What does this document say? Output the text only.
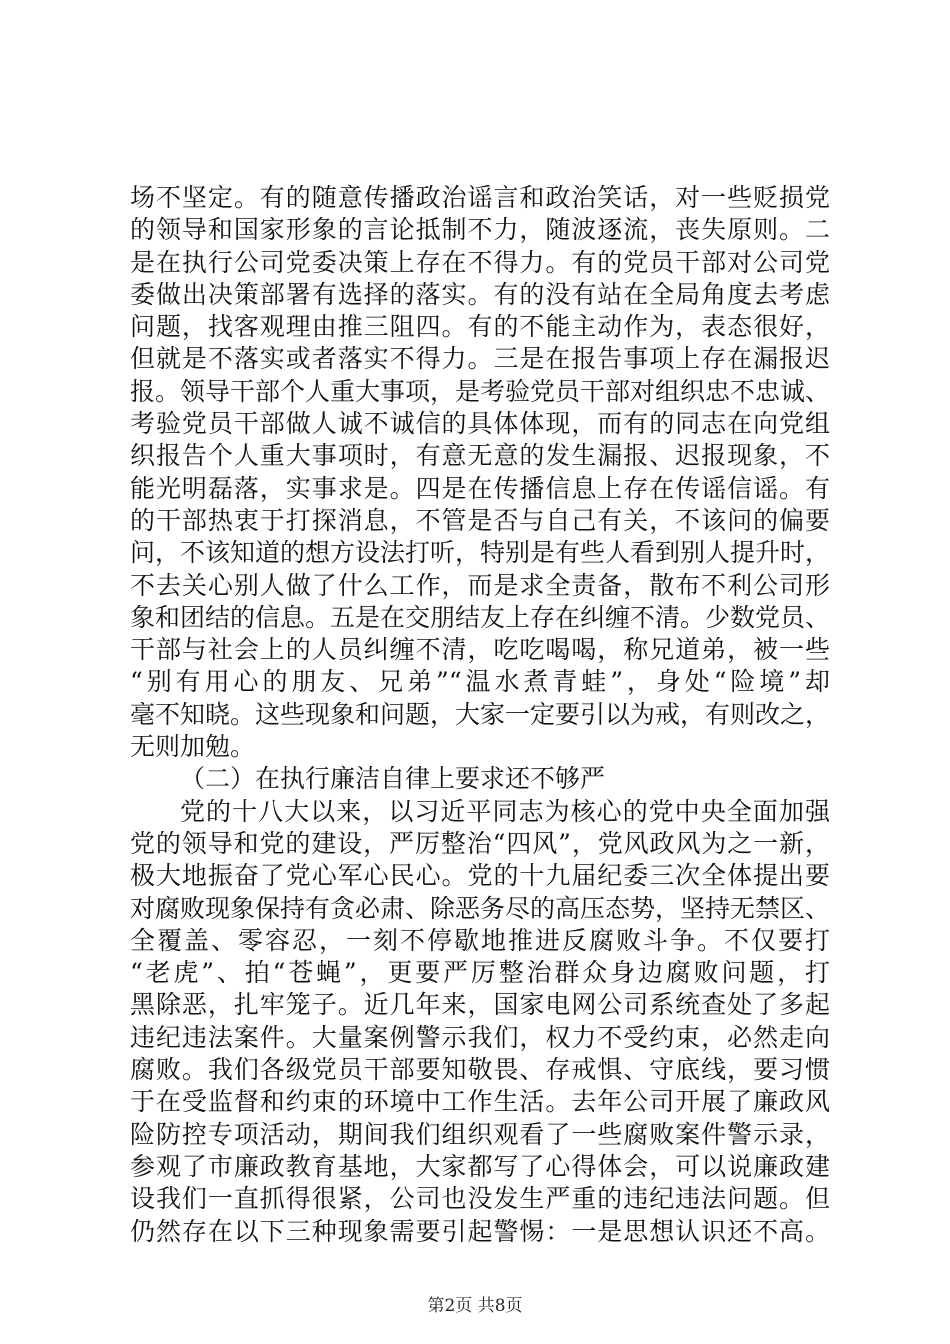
场不坚定。有的随意传播政治谣言和政治笑话，对一些贬损党
的领导和国家形象的言论抵制不力，随波逐流，丧失原则。二
是在执行公司党委决策上存在不得力。有的党员干部对公司党
委做出决策部署有选择的落实。有的没有站在全局角度去考虑
问题，找客观理由推三阻四。有的不能主动作为，表态很好，
但就是不落实或者落实不得力。三是在报告事项上存在漏报迟
报。领导干部个人重大事项，是考验党员干部对组织忠不忠诚、
考验党员干部做人诚不诚信的具体体现，而有的同志在向党组
织报告个人重大事项时，有意无意的发生漏报、迟报现象，不
能光明磊落，实事求是。四是在传播信息上存在传谣信谣。有
的干部热衷于打探消息，不管是否与自己有关，不该问的偏要
问，不该知道的想方设法打听，特别是有些人看到别人提升时，
不去关心别人做了什么工作，而是求全责备，散布不利公司形
象和团结的信息。五是在交朋结友上存在纠缠不清。少数党员、
干部与社会上的人员纠缠不清，吃吃喝喝，称兄道弟，被一些
“别有用心的朋友、兄弟”“温水煮青蛙”，身处“险境”却
毫不知晓。这些现象和问题，大家一定要引以为戒，有则改之，
无则加勉。
（二）在执行廉洁自律上要求还不够严
党的十八大以来，以习近平同志为核心的党中央全面加强
党的领导和党的建设，严厉整治“四风”，党风政风为之一新，
极大地振奋了党心军心民心。党的十九届纪委三次全体提出要
对腐败现象保持有贪必肃、除恶务尽的高压态势，坚持无禁区、
全覆盖、零容忍，一刻不停歇地推进反腐败斗争。不仅要打
“老虎”、拍“苍蝇”，更要严厉整治群众身边腐败问题，打
黑除恶，扎牢笼子。近几年来，国家电网公司系统查处了多起
违纪违法案件。大量案例警示我们，权力不受约束，必然走向
腐败。我们各级党员干部要知敬畏、存戒惧、守底线，要习惯
于在受监督和约束的环境中工作生活。去年公司开展了廉政风
险防控专项活动，期间我们组织观看了一些腐败案件警示录，
参观了市廉政教育基地，大家都写了心得体会，可以说廉政建
设我们一直抓得很紧，公司也没发生严重的违纪违法问题。但
仍然存在以下三种现象需要引起警惕：一是思想认识还不高。
第2页 共8页
